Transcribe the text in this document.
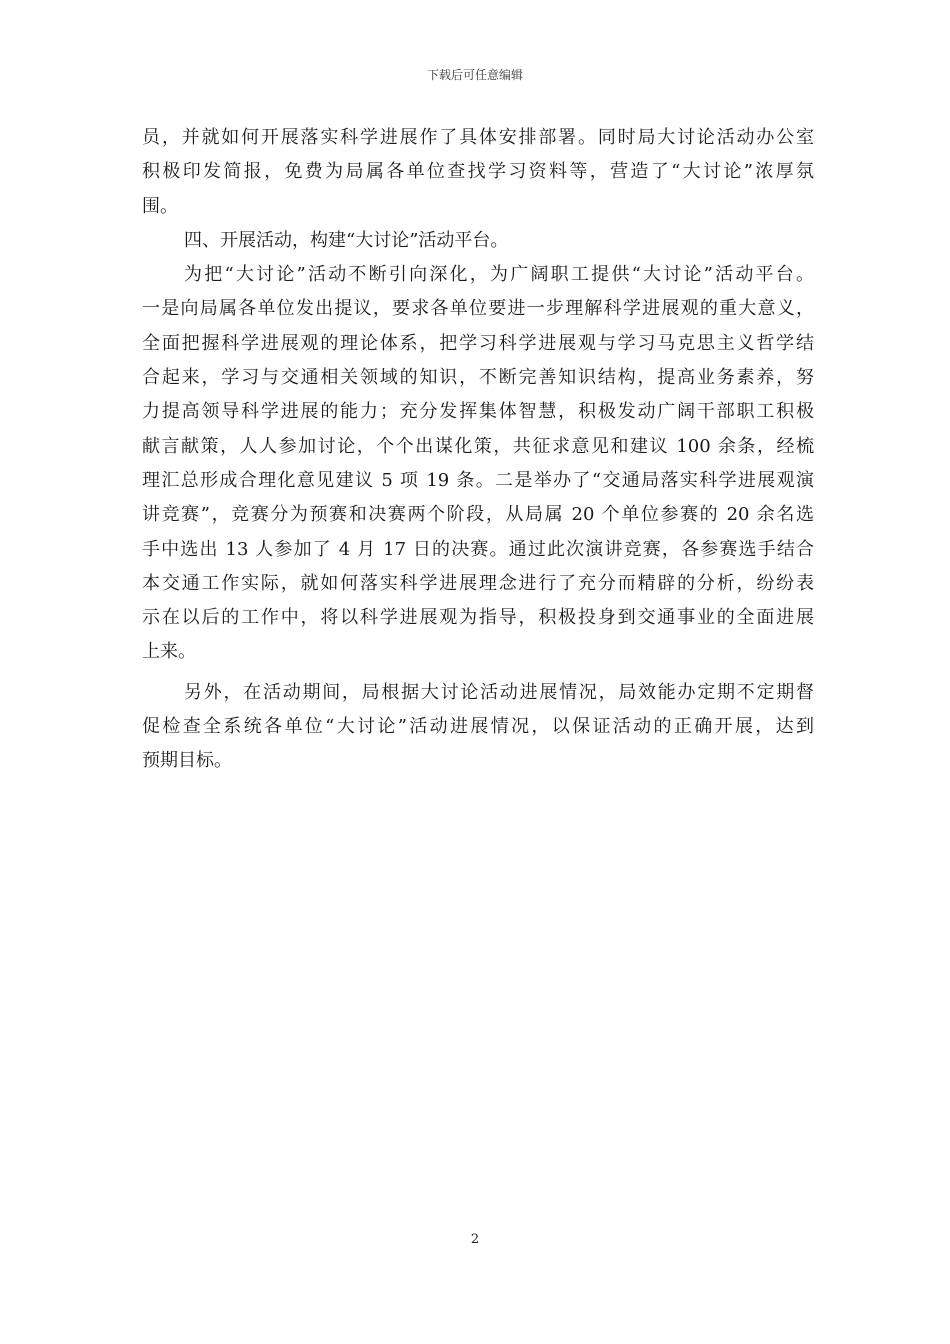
下载后可任意编辑
员，并就如何开展落实科学进展作了具体安排部署。同时局大讨论活动办公室
积极印发简报，免费为局属各单位查找学习资料等，营造了“大讨论”浓厚氛
围。
四、开展活动，构建“大讨论”活动平台。
为把“大讨论”活动不断引向深化，为广阔职工提供“大讨论”活动平台。
一是向局属各单位发出提议，要求各单位要进一步理解科学进展观的重大意义，
全面把握科学进展观的理论体系，把学习科学进展观与学习马克思主义哲学结
合起来，学习与交通相关领域的知识，不断完善知识结构，提高业务素养，努
力提高领导科学进展的能力；充分发挥集体智慧，积极发动广阔干部职工积极
献言献策，人人参加讨论，个个出谋化策，共征求意见和建议 100 余条，经梳
理汇总形成合理化意见建议 5 项 19 条。二是举办了“交通局落实科学进展观演
讲竞赛”，竞赛分为预赛和决赛两个阶段，从局属 20 个单位参赛的 20 余名选
手中选出 13 人参加了 4 月 17 日的决赛。通过此次演讲竞赛，各参赛选手结合
本交通工作实际，就如何落实科学进展理念进行了充分而精辟的分析，纷纷表
示在以后的工作中，将以科学进展观为指导，积极投身到交通事业的全面进展
上来。
另外，在活动期间，局根据大讨论活动进展情况，局效能办定期不定期督
促检查全系统各单位“大讨论”活动进展情况，以保证活动的正确开展，达到
预期目标。
2
